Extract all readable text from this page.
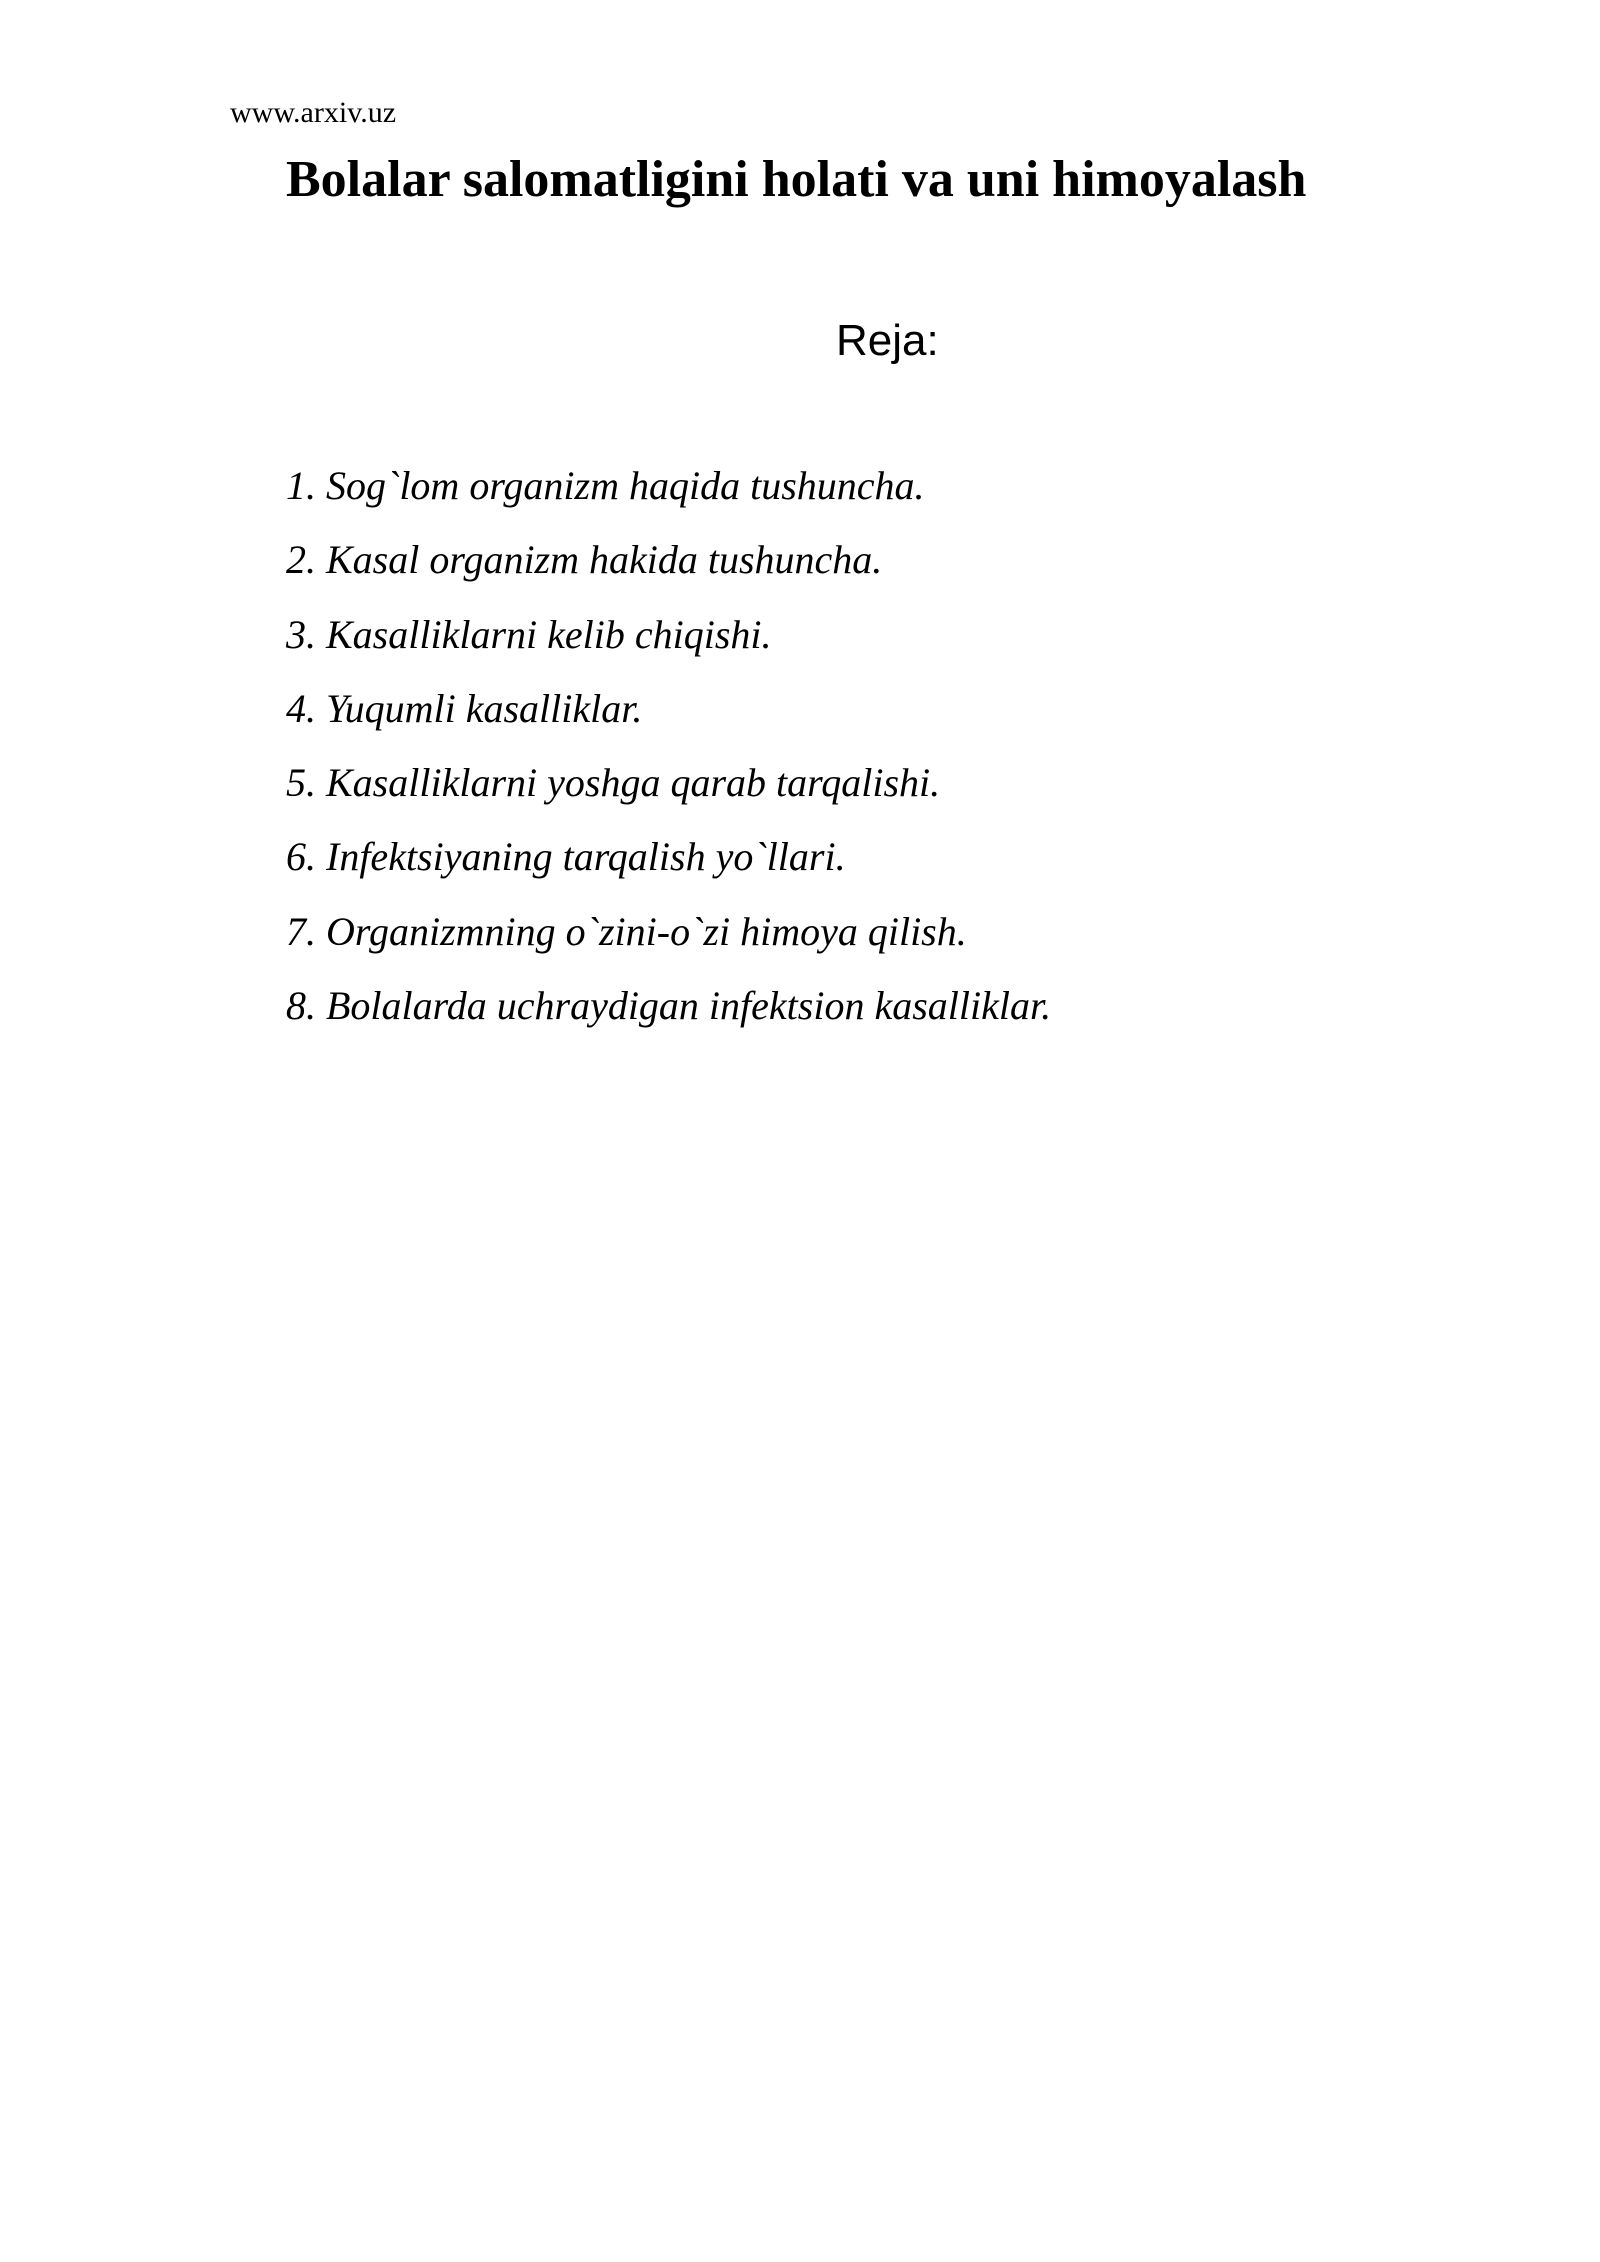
www.arxiv.uz
Bolalar salomatligini holati va uni himoyalash
Reja:
1. Sog`lom organizm haqida tushuncha.
2. Kasal organizm hakida tushuncha.
3. Kasalliklarni kelib chiqishi.
4. Yuqumli kasalliklar.
5. Kasalliklarni yoshga qarab tarqalishi.
6. Infektsiyaning tarqalish yo`llari.
7. Organizmning o`zini-o`zi himoya qilish.
8. Bolalarda uchraydigan infektsion kasalliklar.
